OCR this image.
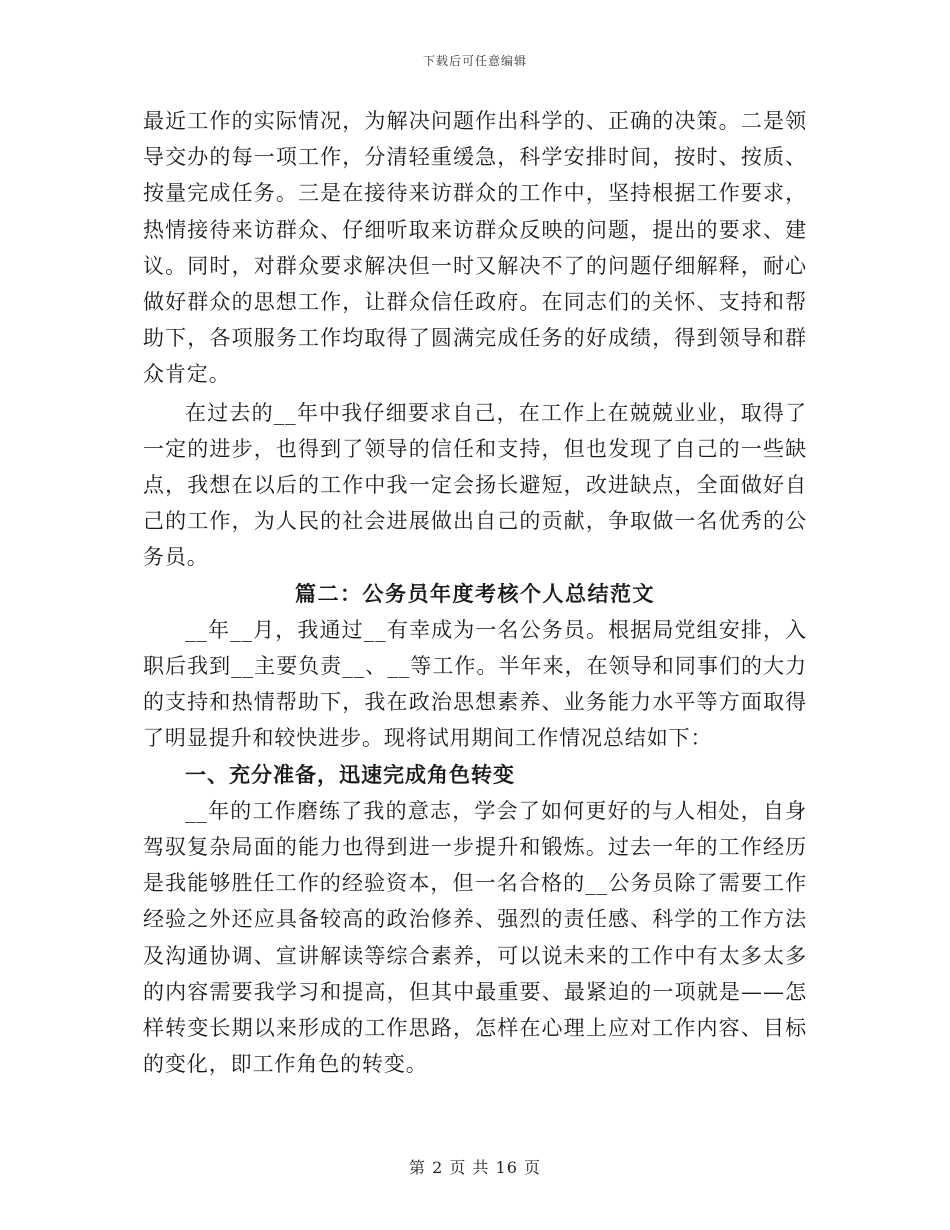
下载后可任意编辑

最近工作的实际情况，为解决问题作出科学的、正确的决策。二是领导交办的每一项工作，分清轻重缓急，科学安排时间，按时、按质、按量完成任务。三是在接待来访群众的工作中，坚持根据工作要求，热情接待来访群众、仔细听取来访群众反映的问题，提出的要求、建议。同时，对群众要求解决但一时又解决不了的问题仔细解释，耐心做好群众的思想工作，让群众信任政府。在同志们的关怀、支持和帮助下，各项服务工作均取得了圆满完成任务的好成绩，得到领导和群众肯定。

在过去的__年中我仔细要求自己，在工作上在兢兢业业，取得了一定的进步，也得到了领导的信任和支持，但也发现了自己的一些缺点，我想在以后的工作中我一定会扬长避短，改进缺点，全面做好自己的工作，为人民的社会进展做出自己的贡献，争取做一名优秀的公务员。

篇二：公务员年度考核个人总结范文

__年__月，我通过__有幸成为一名公务员。根据局党组安排，入职后我到__主要负责__、__等工作。半年来，在领导和同事们的大力的支持和热情帮助下，我在政治思想素养、业务能力水平等方面取得了明显提升和较快进步。现将试用期间工作情况总结如下：

一、充分准备，迅速完成角色转变

__年的工作磨练了我的意志，学会了如何更好的与人相处，自身驾驭复杂局面的能力也得到进一步提升和锻炼。过去一年的工作经历是我能够胜任工作的经验资本，但一名合格的__公务员除了需要工作经验之外还应具备较高的政治修养、强烈的责任感、科学的工作方法及沟通协调、宣讲解读等综合素养，可以说未来的工作中有太多太多的内容需要我学习和提高，但其中最重要、最紧迫的一项就是——怎样转变长期以来形成的工作思路，怎样在心理上应对工作内容、目标的变化，即工作角色的转变。

第 2 页 共 16 页
